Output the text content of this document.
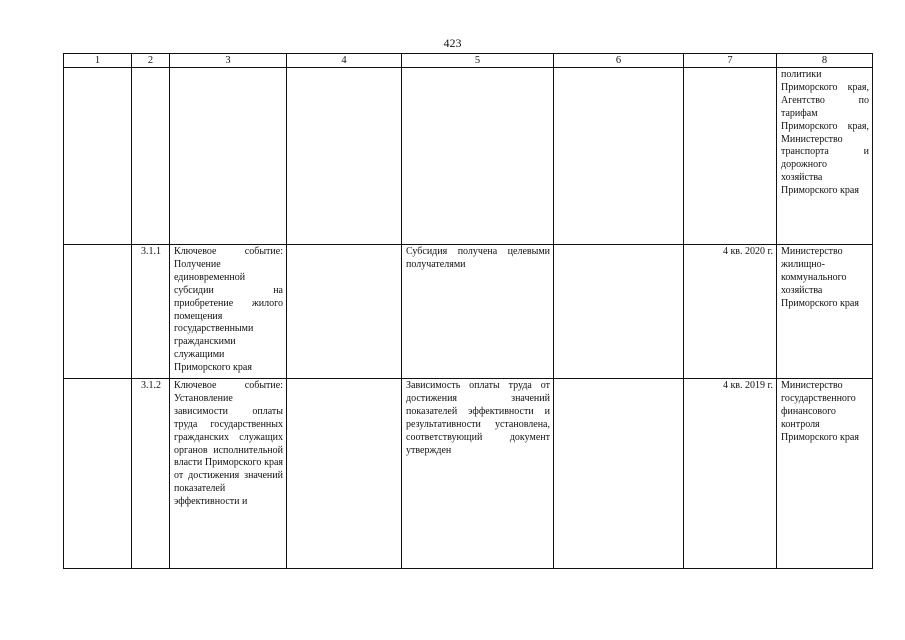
423
1	2	3	4	5	6	7	8
							политики Приморского края, Агентство по тарифам Приморского края, Министерство транспорта и дорожного хозяйства Приморского края
	3.1.1	Ключевое событие: Получение единовременной субсидии на приобретение жилого помещения государственными гражданскими служащими Приморского края		Субсидия получена целевыми получателями		4 кв. 2020 г.	Министерство жилищно-коммунального хозяйства Приморского края
	3.1.2	Ключевое событие: Установление зависимости оплаты труда государственных гражданских служащих органов исполнительной власти Приморского края от достижения значений показателей эффективности и		Зависимость оплаты труда от достижения значений показателей эффективности и результативности установлена, соответствующий документ утвержден		4 кв. 2019 г.	Министерство государственного финансового контроля Приморского края
